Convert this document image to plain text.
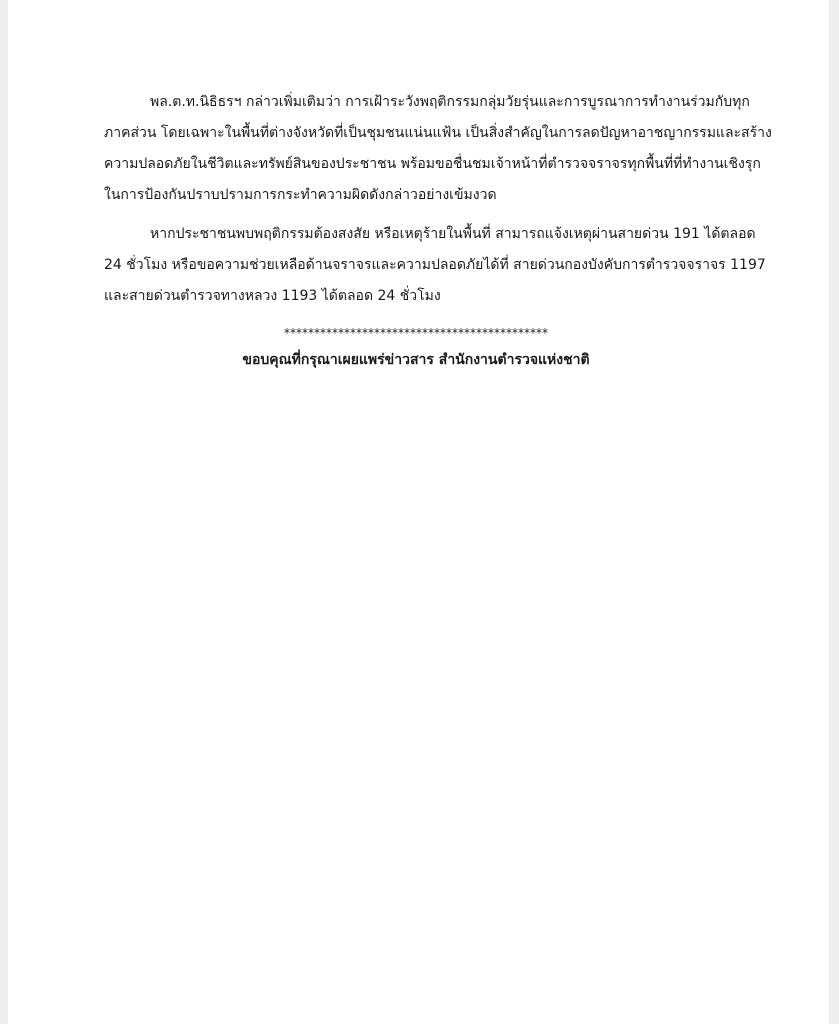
พล.ต.ท.นิธิธรฯ กล่าวเพิ่มเติมว่า การเฝ้าระวังพฤติกรรมกลุ่มวัยรุ่นและการบูรณาการทำงานร่วมกับทุก
ภาคส่วน โดยเฉพาะในพื้นที่ต่างจังหวัดที่เป็นชุมชนแน่นแฟ้น เป็นสิ่งสำคัญในการลดปัญหาอาชญากรรมและสร้าง
ความปลอดภัยในชีวิตและทรัพย์สินของประชาชน พร้อมขอชื่นชมเจ้าหน้าที่ตำรวจจราจรทุกพื้นที่ที่ทำงานเชิงรุก
ในการป้องกันปราบปรามการกระทำความผิดดังกล่าวอย่างเข้มงวด

หากประชาชนพบพฤติกรรมต้องสงสัย หรือเหตุร้ายในพื้นที่ สามารถแจ้งเหตุผ่านสายด่วน 191 ได้ตลอด
24 ชั่วโมง หรือขอความช่วยเหลือด้านจราจรและความปลอดภัยได้ที่ สายด่วนกองบังคับการตำรวจจราจร 1197
และสายด่วนตำรวจทางหลวง 1193 ได้ตลอด 24 ชั่วโมง

********************************************
ขอบคุณที่กรุณาเผยแพร่ข่าวสาร สำนักงานตำรวจแห่งชาติ
